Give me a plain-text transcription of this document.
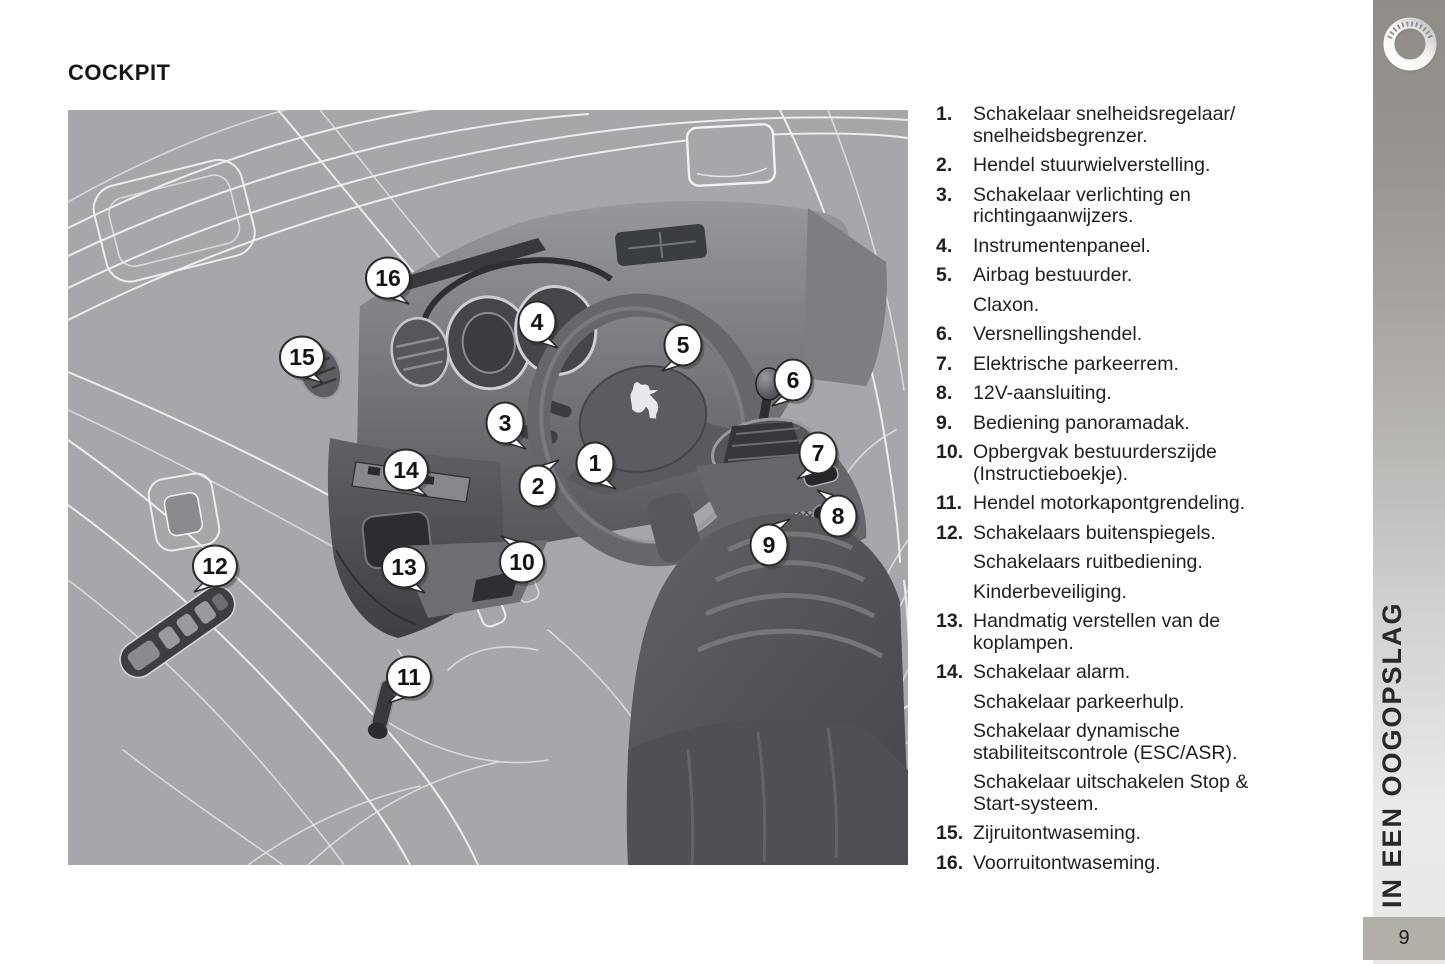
COCKPIT
1
2
3
4
5
6
7
8
9
10
11
12	13
14
15
16
1.	Schakelaar snelheidsregelaar/
snelheidsbegrenzer.
2.	Hendel stuurwielverstelling.
3.	Schakelaar verlichting en
richtingaanwijzers.
4.	Instrumentenpaneel.
5.	Airbag bestuurder.
Claxon.
6.	Versnellingshendel.
7.	Elektrische parkeerrem.
8.	12V-aansluiting.
9.	Bediening panoramadak.
10. Opbergvak bestuurderszijde
(Instructieboekje).
11. Hendel motorkapontgrendeling.
12. Schakelaars buitenspiegels.
Schakelaars ruitbediening.
Kinderbeveiliging.
13. Handmatig verstellen van de
koplampen.
14. Schakelaar alarm.
Schakelaar parkeerhulp.
Schakelaar dynamische
stabiliteitscontrole (ESC/ASR).
Schakelaar uitschakelen Stop &
Start-systeem.
15. Zijruitontwaseming.
16. Voorruitontwaseming.	IN EEN OOGOPSLAG
9
